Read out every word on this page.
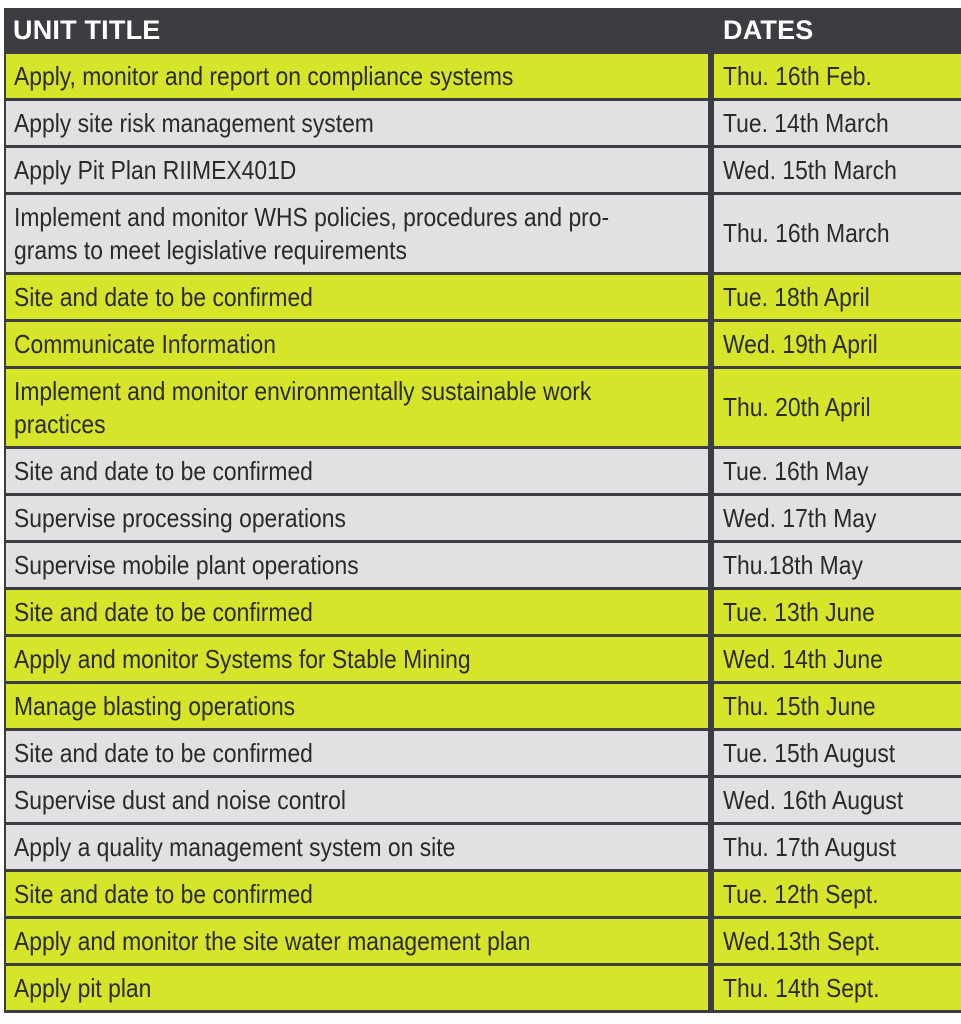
UNIT TITLE	DATES
Apply, monitor and report on compliance systems	Thu. 16th Feb.
Apply site risk management system	Tue. 14th March
Apply Pit Plan RIIMEX401D	Wed. 15th March

Implement and monitor WHS policies, procedures and pro-
grams to meet legislative requirements	Thu. 16th March
Site and date to be confirmed	Tue. 18th April
Communicate Information	Wed. 19th April

Implement and monitor environmentally sustainable work
practices	Thu. 20th April
Site and date to be confirmed	Tue. 16th May
Supervise processing operations	Wed. 17th May
Supervise mobile plant operations	Thu.18th May
Site and date to be confirmed	Tue. 13th June
Apply and monitor Systems for Stable Mining	Wed. 14th June
Manage blasting operations	Thu. 15th June
Site and date to be confirmed	Tue. 15th August
Supervise dust and noise control	Wed. 16th August
Apply a quality management system on site	Thu. 17th August
Site and date to be confirmed	Tue. 12th Sept.
Apply and monitor the site water management plan	Wed.13th Sept.
Apply pit plan	Thu. 14th Sept.
